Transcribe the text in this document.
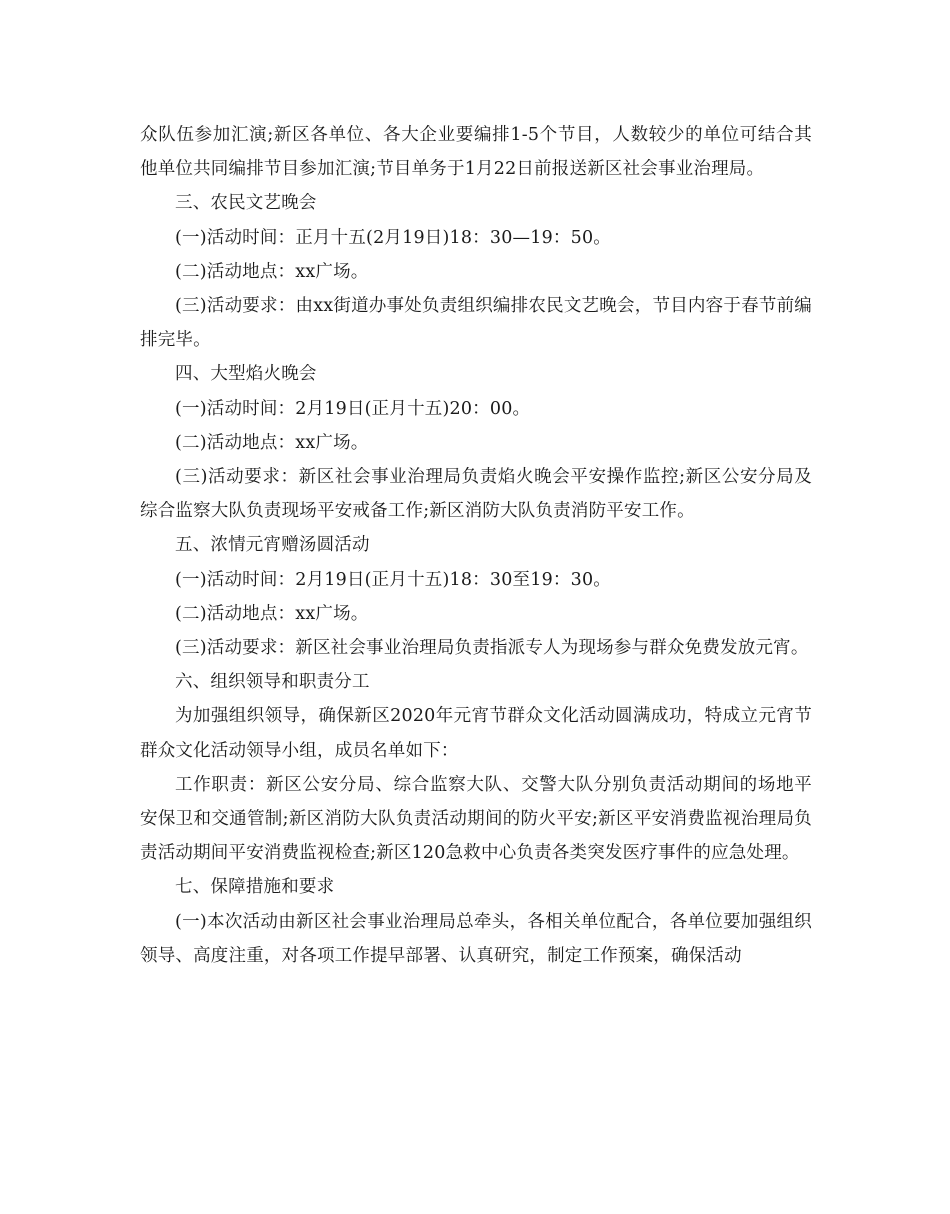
众队伍参加汇演;新区各单位、各大企业要编排1-5个节目，人数较少的单位可结合其他单位共同编排节目参加汇演;节目单务于1月22日前报送新区社会事业治理局。

三、农民文艺晚会

(一)活动时间：正月十五(2月19日)18：30—19：50。

(二)活动地点：xx广场。

(三)活动要求：由xx街道办事处负责组织编排农民文艺晚会，节目内容于春节前编排完毕。

四、大型焰火晚会

(一)活动时间：2月19日(正月十五)20：00。

(二)活动地点：xx广场。

(三)活动要求：新区社会事业治理局负责焰火晚会平安操作监控;新区公安分局及综合监察大队负责现场平安戒备工作;新区消防大队负责消防平安工作。

五、浓情元宵赠汤圆活动

(一)活动时间：2月19日(正月十五)18：30至19：30。

(二)活动地点：xx广场。

(三)活动要求：新区社会事业治理局负责指派专人为现场参与群众免费发放元宵。

六、组织领导和职责分工

为加强组织领导，确保新区2020年元宵节群众文化活动圆满成功，特成立元宵节群众文化活动领导小组，成员名单如下：

工作职责：新区公安分局、综合监察大队、交警大队分别负责活动期间的场地平安保卫和交通管制;新区消防大队负责活动期间的防火平安;新区平安消费监视治理局负责活动期间平安消费监视检查;新区120急救中心负责各类突发医疗事件的应急处理。

七、保障措施和要求

(一)本次活动由新区社会事业治理局总牵头，各相关单位配合，各单位要加强组织领导、高度注重，对各项工作提早部署、认真研究，制定工作预案，确保活动
